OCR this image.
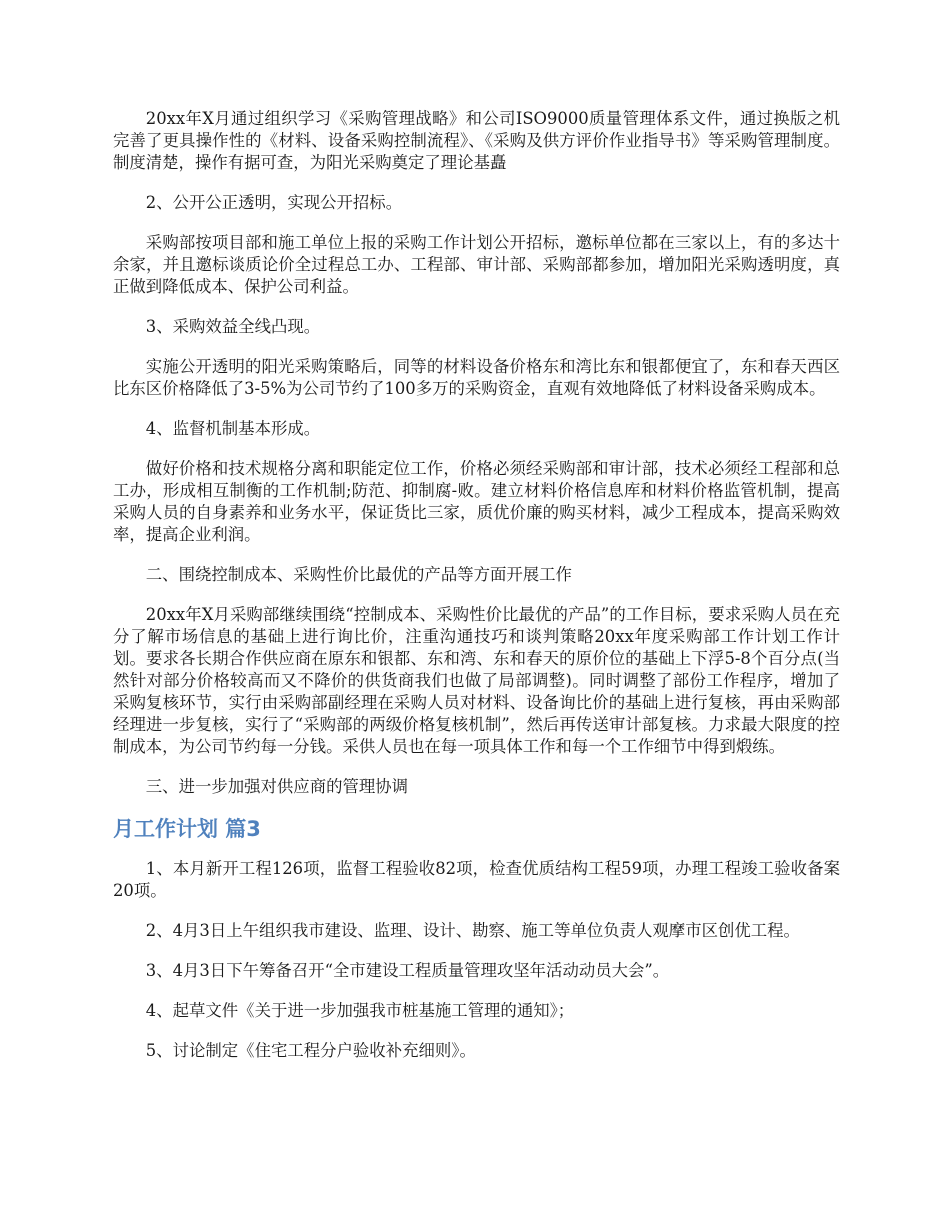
20xx年X月通过组织学习《采购管理战略》和公司ISO9000质量管理体系文件，通过换版之机完善了更具操作性的《材料、设备采购控制流程》、《采购及供方评价作业指导书》等采购管理制度。制度清楚，操作有据可查，为阳光采购奠定了理论基矗

2、公开公正透明，实现公开招标。

采购部按项目部和施工单位上报的采购工作计划公开招标，邀标单位都在三家以上，有的多达十余家，并且邀标谈质论价全过程总工办、工程部、审计部、采购部都参加，增加阳光采购透明度，真正做到降低成本、保护公司利益。

3、采购效益全线凸现。

实施公开透明的阳光采购策略后，同等的材料设备价格东和湾比东和银都便宜了，东和春天西区比东区价格降低了3-5%为公司节约了100多万的采购资金，直观有效地降低了材料设备采购成本。

4、监督机制基本形成。

做好价格和技术规格分离和职能定位工作，价格必须经采购部和审计部，技术必须经工程部和总工办，形成相互制衡的工作机制;防范、抑制腐-败。建立材料价格信息库和材料价格监管机制，提高采购人员的自身素养和业务水平，保证货比三家，质优价廉的购买材料，减少工程成本，提高采购效率，提高企业利润。

二、围绕控制成本、采购性价比最优的产品等方面开展工作

20xx年X月采购部继续围绕“控制成本、采购性价比最优的产品”的工作目标，要求采购人员在充分了解市场信息的基础上进行询比价，注重沟通技巧和谈判策略20xx年度采购部工作计划工作计划。要求各长期合作供应商在原东和银都、东和湾、东和春天的原价位的基础上下浮5-8个百分点(当然针对部分价格较高而又不降价的供货商我们也做了局部调整)。同时调整了部份工作程序，增加了采购复核环节，实行由采购部副经理在采购人员对材料、设备询比价的基础上进行复核，再由采购部经理进一步复核，实行了“采购部的两级价格复核机制”，然后再传送审计部复核。力求最大限度的控制成本，为公司节约每一分钱。采供人员也在每一项具体工作和每一个工作细节中得到煅练。

三、进一步加强对供应商的管理协调

月工作计划 篇3

1、本月新开工程126项，监督工程验收82项，检查优质结构工程59项，办理工程竣工验收备案20项。

2、4月3日上午组织我市建设、监理、设计、勘察、施工等单位负责人观摩市区创优工程。

3、4月3日下午筹备召开“全市建设工程质量管理攻坚年活动动员大会”。

4、起草文件《关于进一步加强我市桩基施工管理的通知》；

5、讨论制定《住宅工程分户验收补充细则》。
